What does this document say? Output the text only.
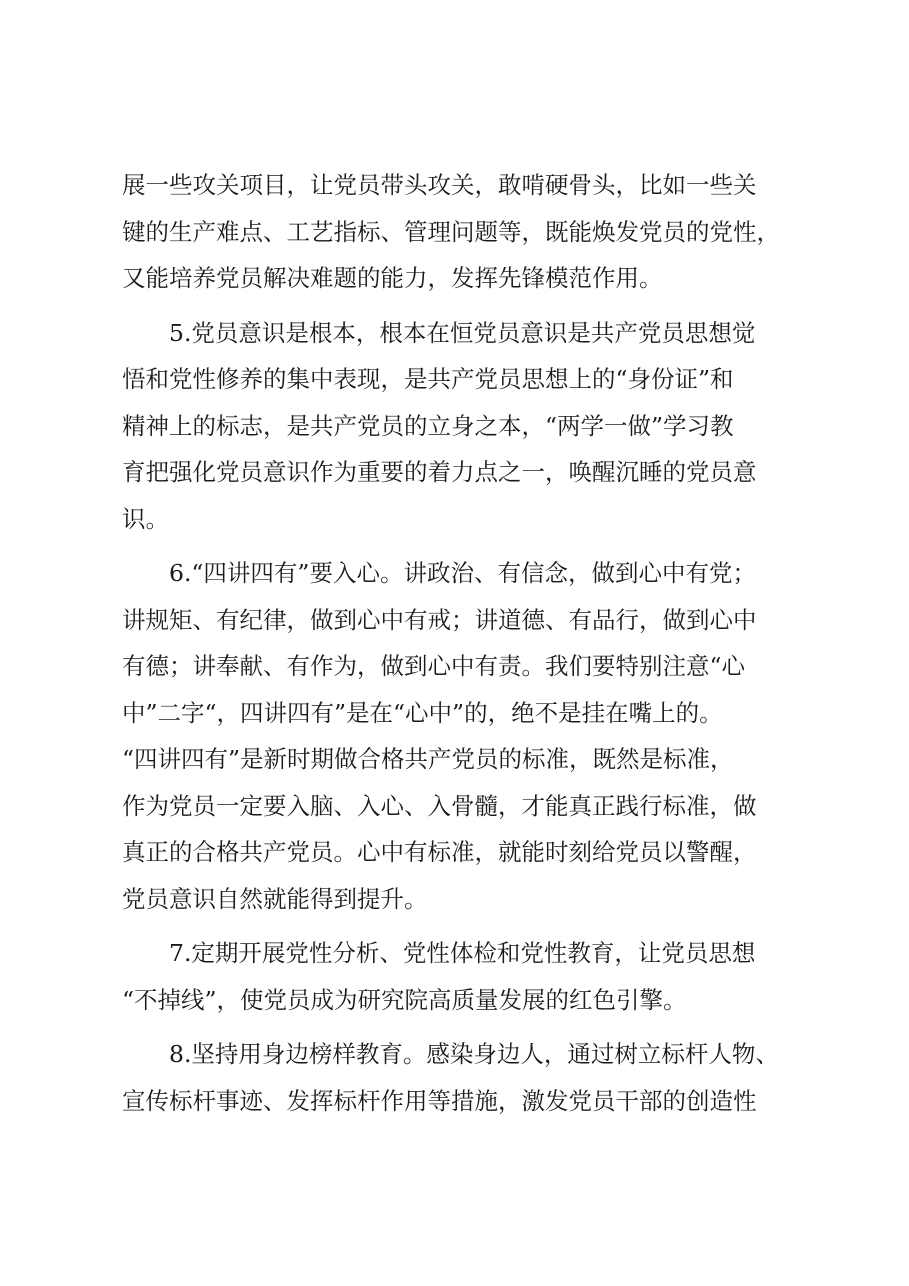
展一些攻关项目，让党员带头攻关，敢啃硬骨头，比如一些关
键的生产难点、工艺指标、管理问题等，既能焕发党员的党性，
又能培养党员解决难题的能力，发挥先锋模范作用。
5.党员意识是根本，根本在恒党员意识是共产党员思想觉
悟和党性修养的集中表现，是共产党员思想上的“身份证”和
精神上的标志，是共产党员的立身之本，“两学一做”学习教
育把强化党员意识作为重要的着力点之一，唤醒沉睡的党员意
识。
6.“四讲四有”要入心。讲政治、有信念，做到心中有党；
讲规矩、有纪律，做到心中有戒；讲道德、有品行，做到心中
有德；讲奉献、有作为，做到心中有责。我们要特别注意“心
中”二字“，四讲四有”是在“心中”的，绝不是挂在嘴上的。
“四讲四有”是新时期做合格共产党员的标准，既然是标准，
作为党员一定要入脑、入心、入骨髓，才能真正践行标准，做
真正的合格共产党员。心中有标准，就能时刻给党员以警醒，
党员意识自然就能得到提升。
7.定期开展党性分析、党性体检和党性教育，让党员思想
“不掉线”，使党员成为研究院高质量发展的红色引擎。
8.坚持用身边榜样教育。感染身边人，通过树立标杆人物、
宣传标杆事迹、发挥标杆作用等措施，激发党员干部的创造性
